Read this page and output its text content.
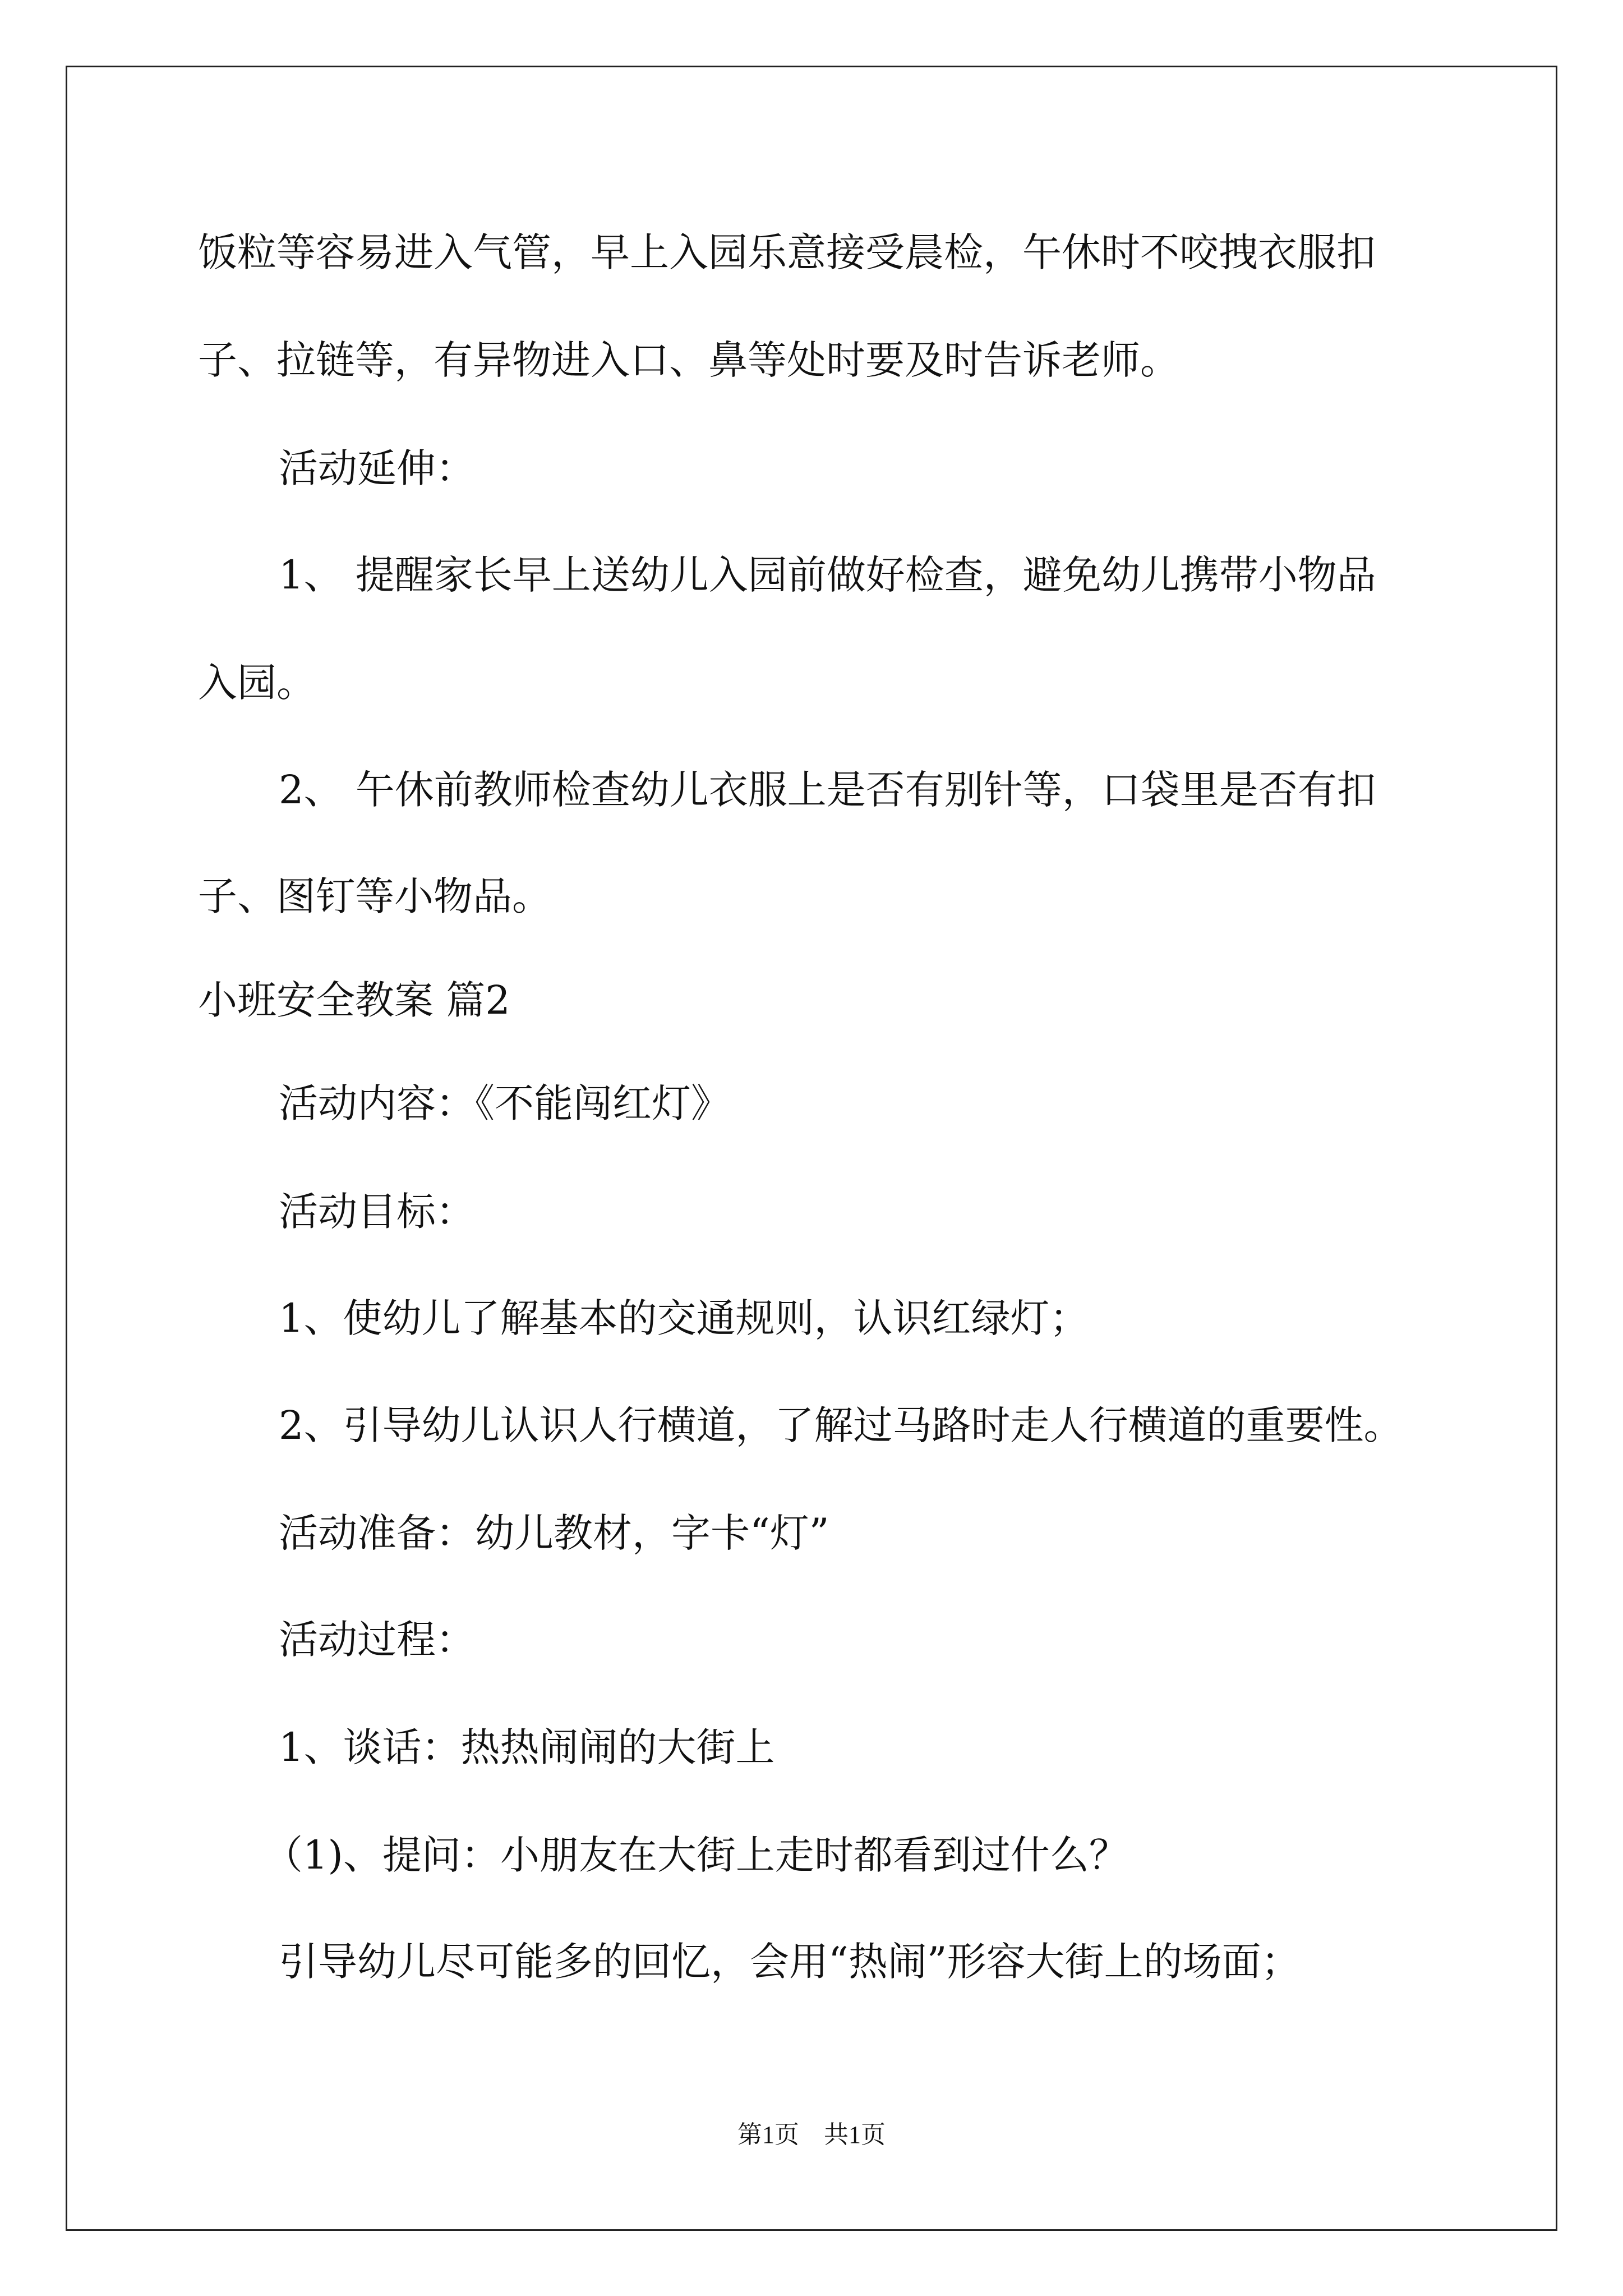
饭粒等容易进入气管，早上入园乐意接受晨检，午休时不咬拽衣服扣
子、拉链等，有异物进入口、鼻等处时要及时告诉老师。
活动延伸：
1、 提醒家长早上送幼儿入园前做好检查，避免幼儿携带小物品
入园。
2、 午休前教师检查幼儿衣服上是否有别针等，口袋里是否有扣
子、图钉等小物品。
小班安全教案 篇2
活动内容：《不能闯红灯》
活动目标：
1、使幼儿了解基本的交通规则，认识红绿灯；
2、引导幼儿认识人行横道，了解过马路时走人行横道的重要性。
活动准备：幼儿教材，字卡“灯”
活动过程：
1、谈话：热热闹闹的大街上
（1)、提问：小朋友在大街上走时都看到过什么？
引导幼儿尽可能多的回忆，会用“热闹”形容大街上的场面；
第1页　共1页
